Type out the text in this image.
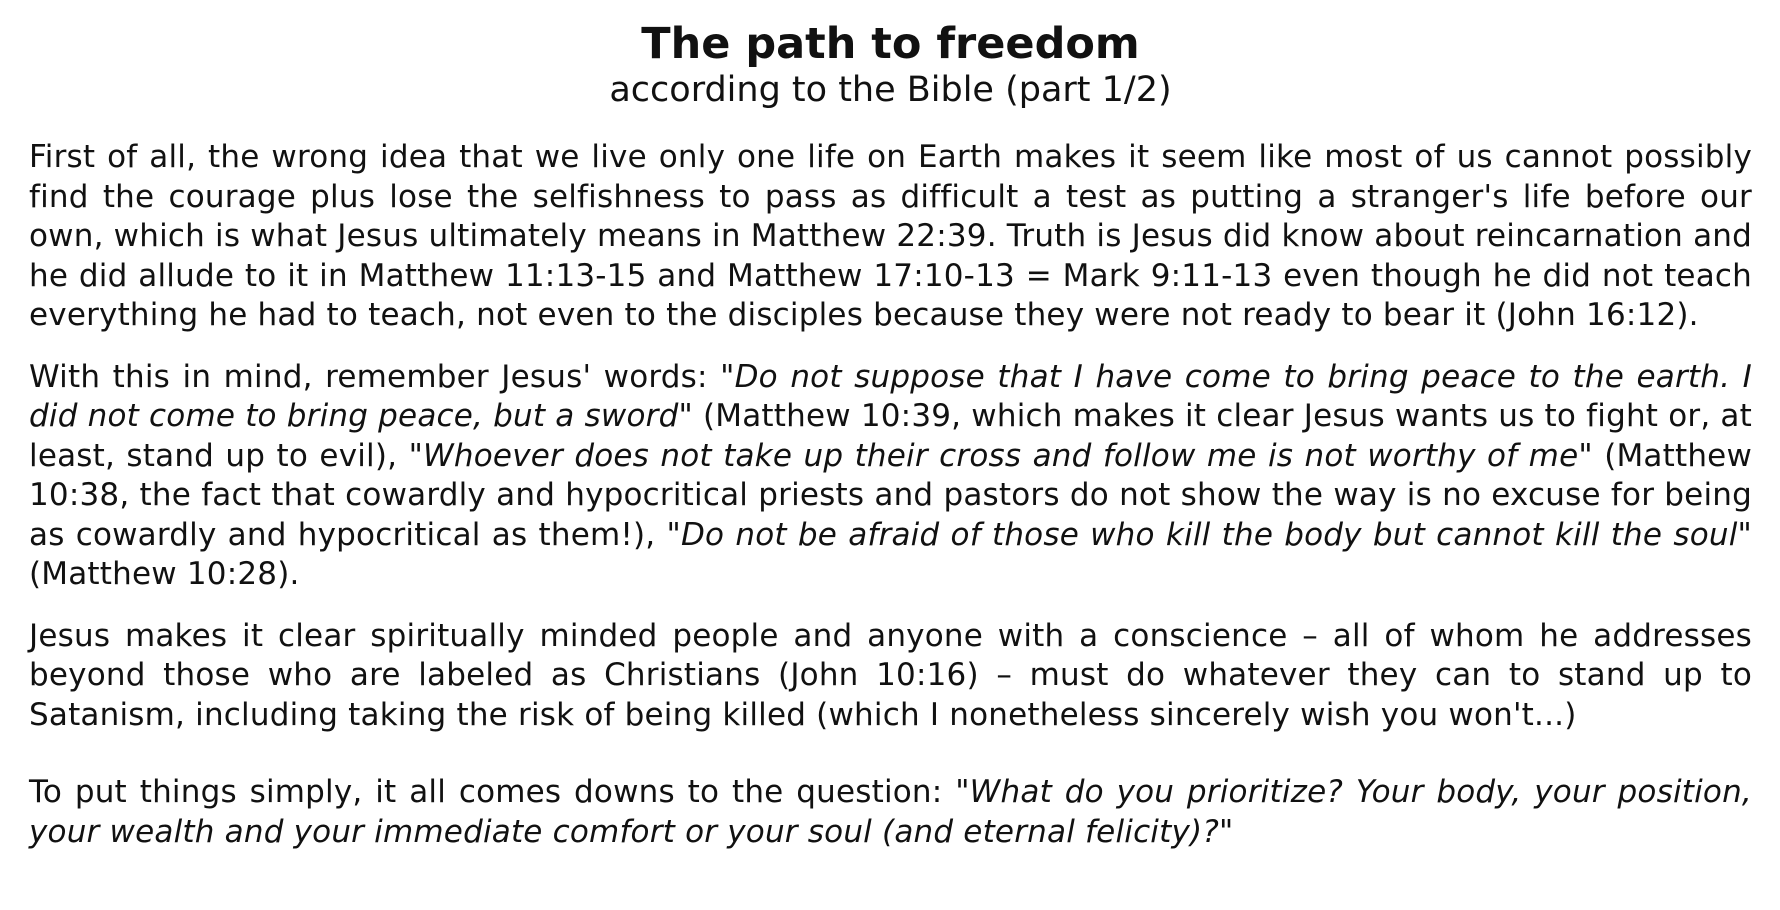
The path to freedom
according to the Bible (part 1/2)

First of all, the wrong idea that we live only one life on Earth makes it seem like most of us cannot possibly find the courage plus lose the selfishness to pass as difficult a test as putting a stranger's life before our own, which is what Jesus ultimately means in Matthew 22:39. Truth is Jesus did know about reincarnation and he did allude to it in Matthew 11:13-15 and Matthew 17:10-13 = Mark 9:11-13 even though he did not teach everything he had to teach, not even to the disciples because they were not ready to bear it (John 16:12).

With this in mind, remember Jesus' words: "Do not suppose that I have come to bring peace to the earth. I did not come to bring peace, but a sword" (Matthew 10:39, which makes it clear Jesus wants us to fight or, at least, stand up to evil), "Whoever does not take up their cross and follow me is not worthy of me" (Matthew 10:38, the fact that cowardly and hypocritical priests and pastors do not show the way is no excuse for being as cowardly and hypocritical as them!), "Do not be afraid of those who kill the body but cannot kill the soul" (Matthew 10:28).

Jesus makes it clear spiritually minded people and anyone with a conscience – all of whom he addresses beyond those who are labeled as Christians (John 10:16) – must do whatever they can to stand up to Satanism, including taking the risk of being killed (which I nonetheless sincerely wish you won't...)

To put things simply, it all comes downs to the question: "What do you prioritize? Your body, your position, your wealth and your immediate comfort or your soul (and eternal felicity)?"
